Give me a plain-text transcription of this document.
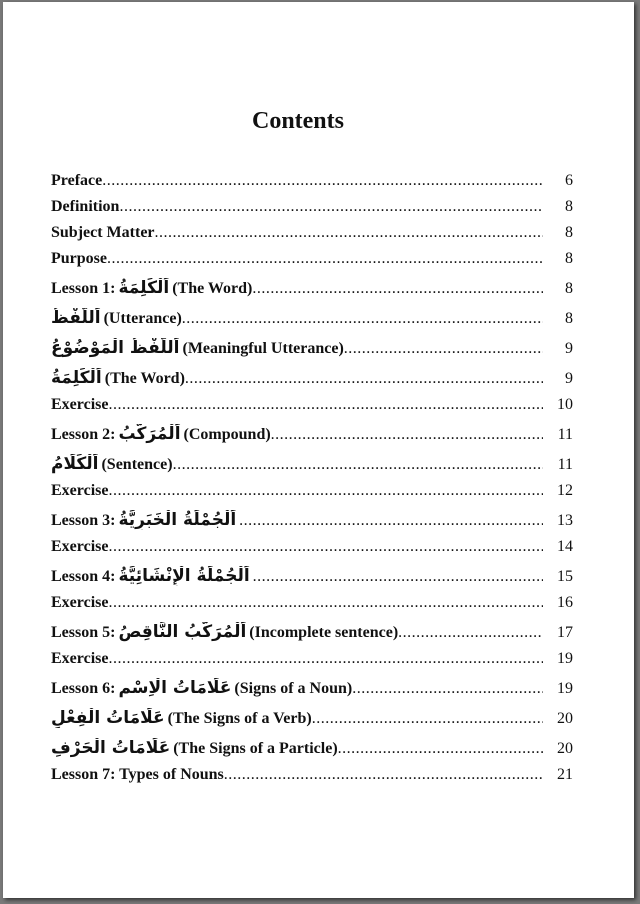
Contents
Preface .....	6
Definition .....	8
Subject Matter .....	8
Purpose .....	8
Lesson 1: اَلْكَلِمَةُ (The Word) .....	8
اَللَّفْظُ (Utterance) .....	8
اَللَّفْظُ الْمَوْضُوْعُ (Meaningful Utterance) .....	9
اَلْكَلِمَةُ (The Word) .....	9
Exercise .....	10
Lesson 2: اَلْمُرَكَّبُ (Compound) .....	11
اَلْكَلَامُ (Sentence) .....	11
Exercise .....	12
Lesson 3: اَلْجُمْلَةُ الْخَبَرِيَّةُ .....	13
Exercise .....	14
Lesson 4: اَلْجُمْلَةُ الْإِنْشَائِيَّةُ .....	15
Exercise .....	16
Lesson 5: اَلْمُرَكَّبُ النَّاقِصُ (Incomplete sentence) .....	17
Exercise .....	19
Lesson 6: عَلَامَاتُ الْاِسْمِ (Signs of a Noun) .....	19
عَلَامَاتُ الْفِعْلِ (The Signs of a Verb) .....	20
عَلَامَاتُ الْحَرْفِ (The Signs of a Particle) .....	20
Lesson 7: Types of Nouns .....	21
